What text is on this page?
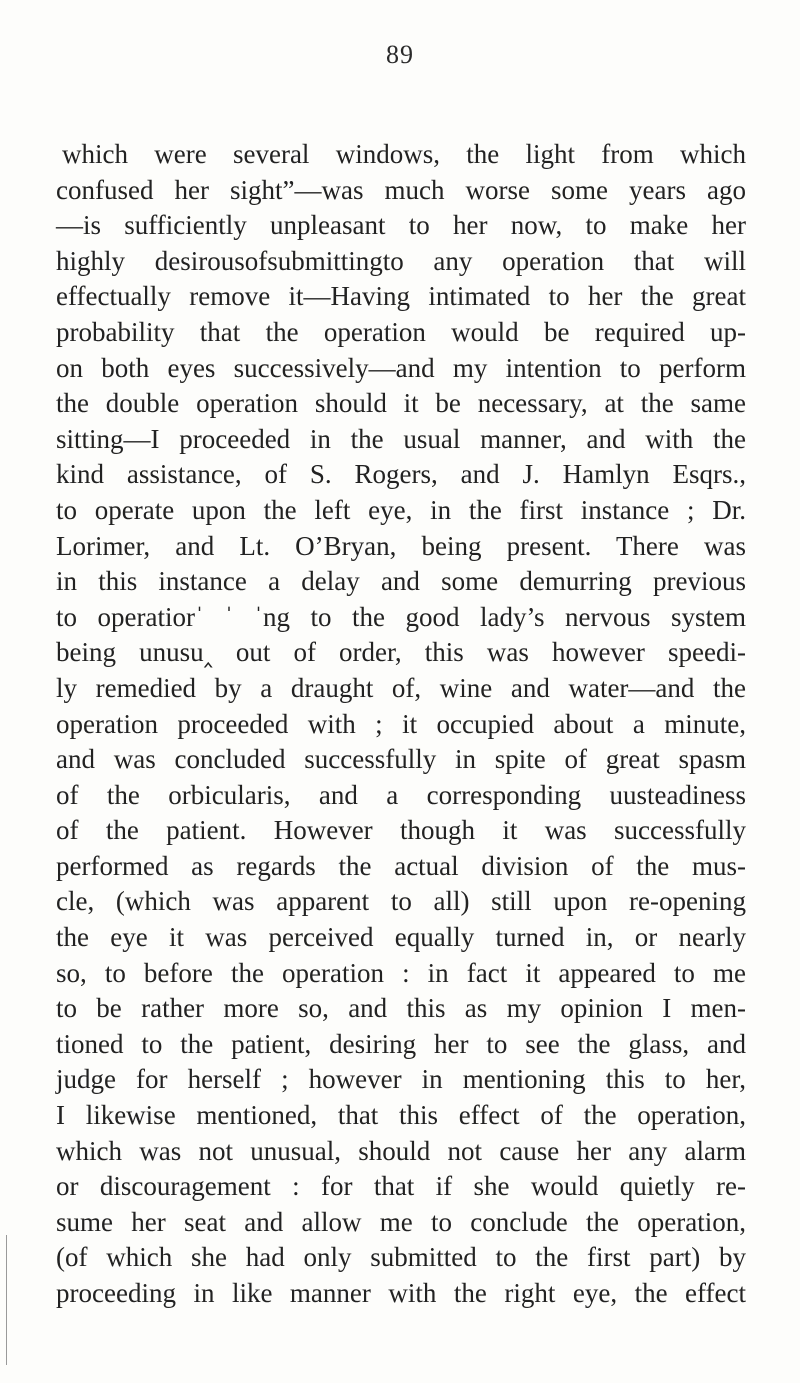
89
which were several windows, the light from which
confused her sight”—was much worse some years ago
—is sufficiently unpleasant to her now, to make her
highly desirousofsubmittingto any operation that will
effectually remove it—Having intimated to her the great
probability that the operation would be required up-
on both eyes successively—and my intention to perform
the double operation should it be necessary, at the same
sitting—I proceeded in the usual manner, and with the
kind assistance, of S. Rogers, and J. Hamlyn Esqrs.,
to operate upon the left eye, in the first instance ; Dr.
Lorimer, and Lt. O’Bryan, being present. There was
in this instance a delay and some demurring previous
to operatiorˈ ˈ ˈng to the good lady’s nervous system
being unusu‸ out of order, this was however speedi-
ly remedied by a draught of, wine and water—and the
operation proceeded with ; it occupied about a minute,
and was concluded successfully in spite of great spasm
of the orbicularis, and a corresponding uusteadiness
of the patient. However though it was successfully
performed as regards the actual division of the mus-
cle, (which was apparent to all) still upon re-opening
the eye it was perceived equally turned in, or nearly
so, to before the operation : in fact it appeared to me
to be rather more so, and this as my opinion I men-
tioned to the patient, desiring her to see the glass, and
judge for herself ; however in mentioning this to her,
I likewise mentioned, that this effect of the operation,
which was not unusual, should not cause her any alarm
or discouragement : for that if she would quietly re-
sume her seat and allow me to conclude the operation,
(of which she had only submitted to the first part) by
proceeding in like manner with the right eye, the effect
